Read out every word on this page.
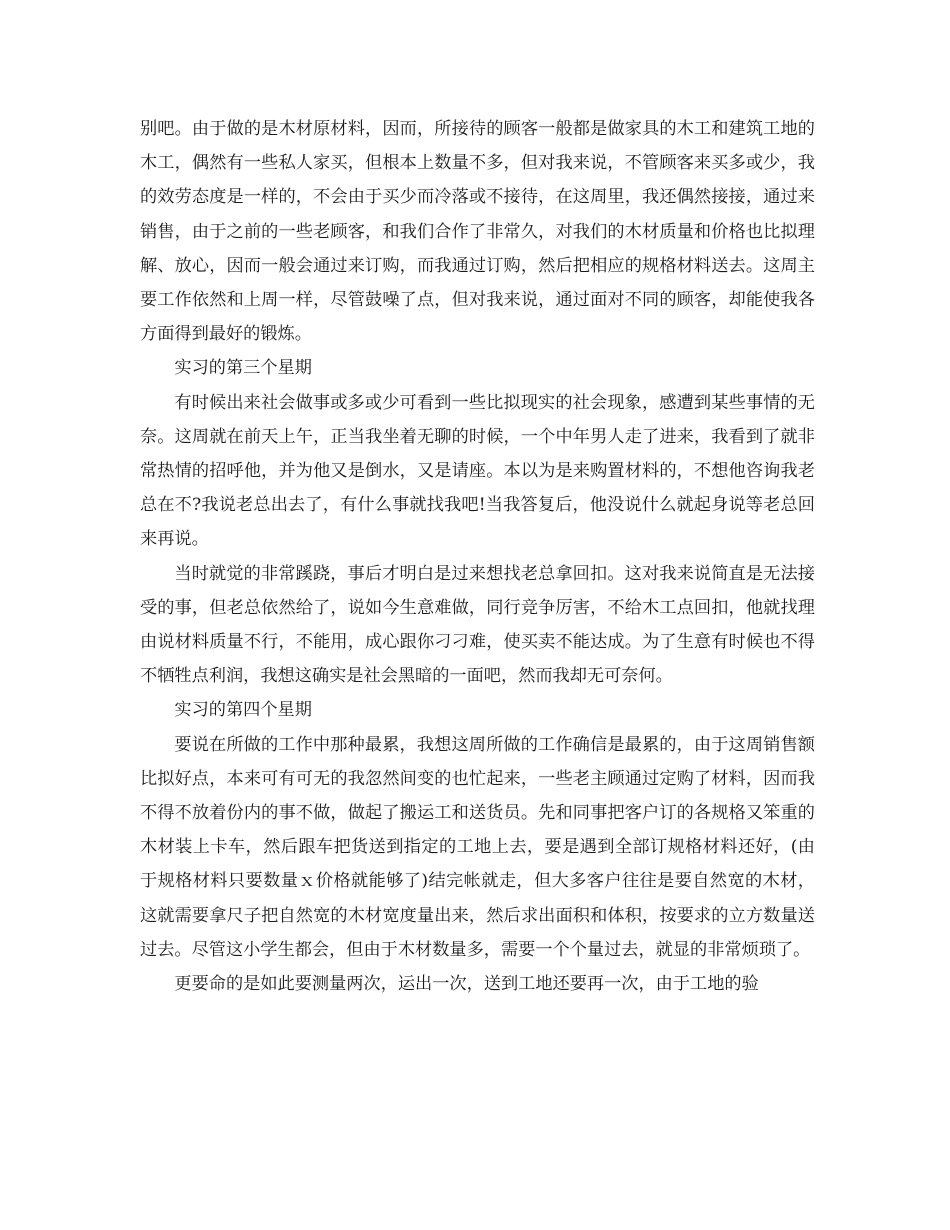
别吧。由于做的是木材原材料，因而，所接待的顾客一般都是做家具的木工和建筑工地的木工，偶然有一些私人家买，但根本上数量不多，但对我来说，不管顾客来买多或少，我的效劳态度是一样的，不会由于买少而冷落或不接待，在这周里，我还偶然接接，通过来销售，由于之前的一些老顾客，和我们合作了非常久，对我们的木材质量和价格也比拟理解、放心，因而一般会通过来订购，而我通过订购，然后把相应的规格材料送去。这周主要工作依然和上周一样，尽管鼓噪了点，但对我来说，通过面对不同的顾客，却能使我各方面得到最好的锻炼。

实习的第三个星期

有时候出来社会做事或多或少可看到一些比拟现实的社会现象，感遭到某些事情的无奈。这周就在前天上午，正当我坐着无聊的时候，一个中年男人走了进来，我看到了就非常热情的招呼他，并为他又是倒水，又是请座。本以为是来购置材料的，不想他咨询我老总在不?我说老总出去了，有什么事就找我吧!当我答复后，他没说什么就起身说等老总回来再说。

当时就觉的非常蹊跷，事后才明白是过来想找老总拿回扣。这对我来说简直是无法接受的事，但老总依然给了，说如今生意难做，同行竞争厉害，不给木工点回扣，他就找理由说材料质量不行，不能用，成心跟你刁刁难，使买卖不能达成。为了生意有时候也不得不牺牲点利润，我想这确实是社会黑暗的一面吧，然而我却无可奈何。

实习的第四个星期

要说在所做的工作中那种最累，我想这周所做的工作确信是最累的，由于这周销售额比拟好点，本来可有可无的我忽然间变的也忙起来，一些老主顾通过定购了材料，因而我不得不放着份内的事不做，做起了搬运工和送货员。先和同事把客户订的各规格又笨重的木材装上卡车，然后跟车把货送到指定的工地上去，要是遇到全部订规格材料还好，(由于规格材料只要数量ｘ价格就能够了)结完帐就走，但大多客户往往是要自然宽的木材，这就需要拿尺子把自然宽的木材宽度量出来，然后求出面积和体积，按要求的立方数量送过去。尽管这小学生都会，但由于木材数量多，需要一个个量过去，就显的非常烦琐了。

更要命的是如此要测量两次，运出一次，送到工地还要再一次，由于工地的验
